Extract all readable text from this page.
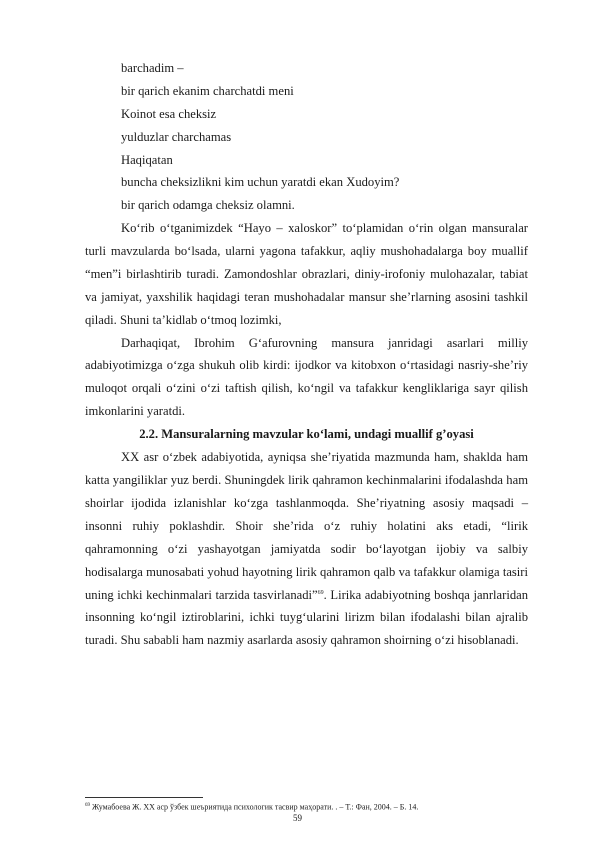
barchadim –
bir qarich ekanim charchatdi meni
Koinot esa cheksiz
yulduzlar charchamas
Haqiqatan
buncha cheksizlikni kim uchun yaratdi ekan Xudoyim?
bir qarich odamga cheksiz olamni.

Ko‘rib o‘tganimizdek “Hayo – xaloskor” to‘plamidan o‘rin olgan mansuralar turli mavzularda bo‘lsada, ularni yagona tafakkur, aqliy mushohadalarga boy muallif “men”i birlashtirib turadi. Zamondoshlar obrazlari, diniy-irofoniy mulohazalar, tabiat va jamiyat, yaxshilik haqidagi teran mushohadalar mansur she’rlarning asosini tashkil qiladi. Shuni ta’kidlab o‘tmoq lozimki,

Darhaqiqat, Ibrohim G‘afurovning mansura janridagi asarlari milliy adabiyotimizga o‘zga shukuh olib kirdi: ijodkor va kitobxon o‘rtasidagi nasriy-she’riy muloqot orqali o‘zini o‘zi taftish qilish, ko‘ngil va tafakkur kengliklariga sayr qilish imkonlarini yaratdi.

2.2. Mansuralarning mavzular ko‘lami, undagi muallif g’oyasi

XX asr o‘zbek adabiyotida, ayniqsa she’riyatida mazmunda ham, shaklda ham katta yangiliklar yuz berdi. Shuningdek lirik qahramon kechinmalarini ifodalashda ham shoirlar ijodida izlanishlar ko‘zga tashlanmoqda. She’riyatning asosiy maqsadi – insonni ruhiy poklashdir. Shoir she’rida o‘z ruhiy holatini aks etadi, “lirik qahramonning o‘zi yashayotgan jamiyatda sodir bo‘layotgan ijobiy va salbiy hodisalarga munosabati yohud hayotning lirik qahramon qalb va tafakkur olamiga tasiri uning ichki kechinmalari tarzida tasvirlanadi”$^{69}$. Lirika adabiyotning boshqa janrlaridan insonning ko‘ngil iztiroblarini, ichki tuyg‘ularini lirizm bilan ifodalashi bilan ajralib turadi. Shu sababli ham nazmiy asarlarda asosiy qahramon shoirning o‘zi hisoblanadi.

$^{69}$ Жумабоева Ж. ХХ аср ўзбек шеъриятида психологик тасвир маҳорати. . – Т.: Фан, 2004. – Б. 14.
59
